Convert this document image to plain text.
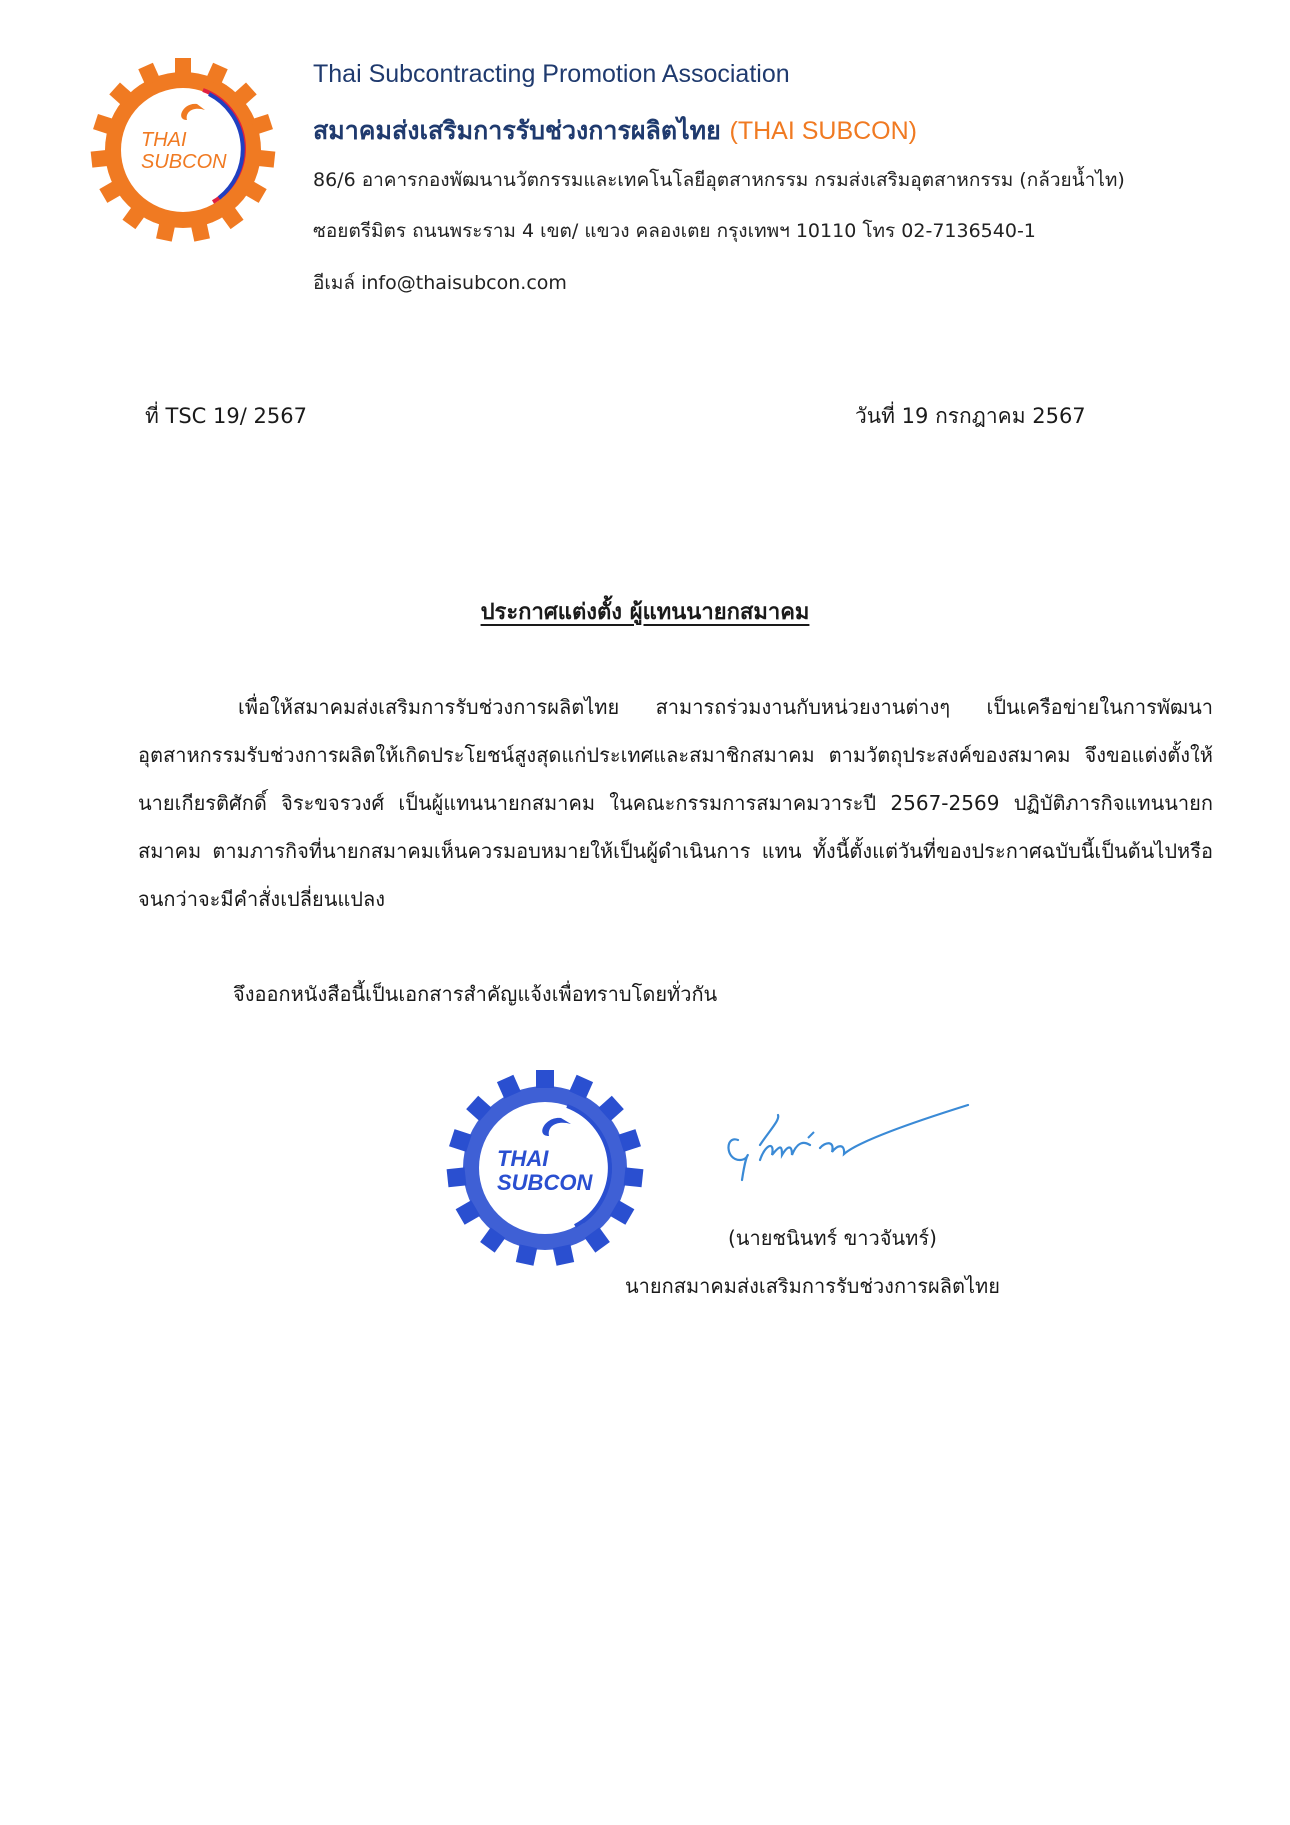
THAI
SUBCON
Thai Subcontracting Promotion Association
สมาคมส่งเสริมการรับช่วงการผลิตไทย (THAI SUBCON)
86/6 อาคารกองพัฒนานวัตกรรมและเทคโนโลยีอุตสาหกรรม กรมส่งเสริมอุตสาหกรรม (กล้วยน้ำไท)
ซอยตรีมิตร ถนนพระราม 4 เขต/ แขวง คลองเตย กรุงเทพฯ 10110 โทร 02-7136540-1
อีเมล์ info@thaisubcon.com
ที่ TSC 19/ 2567	วันที่ 19 กรกฎาคม 2567
ประกาศแต่งตั้ง ผู้แทนนายกสมาคม
เพื่อให้สมาคมส่งเสริมการรับช่วงการผลิตไทย สามารถร่วมงานกับหน่วยงานต่างๆ เป็นเครือข่ายในการพัฒนาอุตสาหกรรมรับช่วงการผลิตให้เกิดประโยชน์สูงสุดแก่ประเทศและสมาชิกสมาคม ตามวัตถุประสงค์ของสมาคม จึงขอแต่งตั้งให้นายเกียรติศักดิ์ จิระขจรวงศ์ เป็นผู้แทนนายกสมาคม ในคณะกรรมการสมาคมวาระปี 2567-2569 ปฏิบัติภารกิจแทนนายกสมาคม ตามภารกิจที่นายกสมาคมเห็นควรมอบหมายให้เป็นผู้ดำเนินการ แทน ทั้งนี้ตั้งแต่วันที่ของประกาศฉบับนี้เป็นต้นไปหรือจนกว่าจะมีคำสั่งเปลี่ยนแปลง
จึงออกหนังสือนี้เป็นเอกสารสำคัญแจ้งเพื่อทราบโดยทั่วกัน
THAI
SUBCON
(นายชนินทร์ ขาวจันทร์)
นายกสมาคมส่งเสริมการรับช่วงการผลิตไทย
